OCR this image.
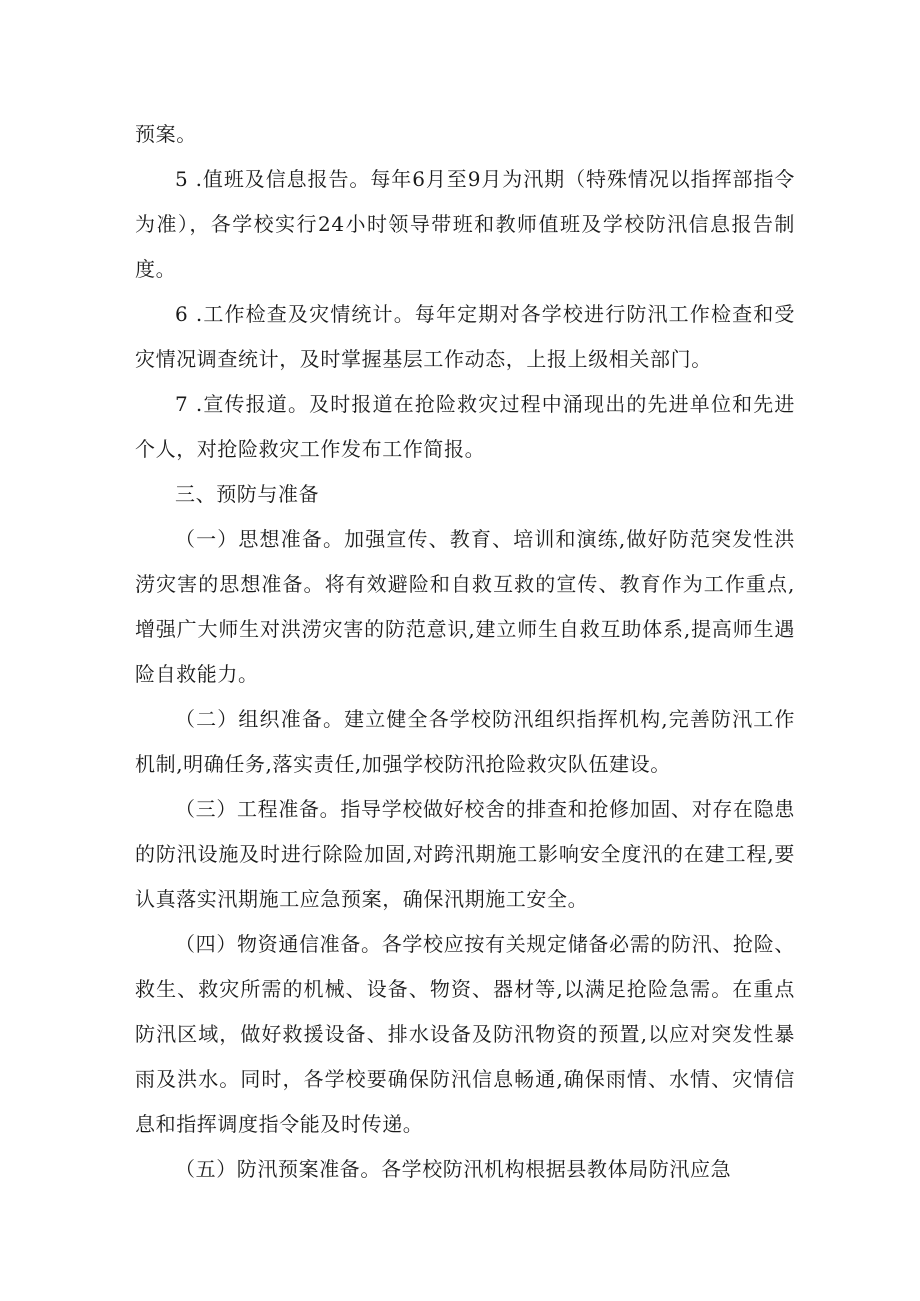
预案。

5 .值班及信息报告。每年6月至9月为汛期（特殊情况以指挥部指令为准），各学校实行24小时领导带班和教师值班及学校防汛信息报告制度。

6 .工作检查及灾情统计。每年定期对各学校进行防汛工作检查和受灾情况调查统计，及时掌握基层工作动态，上报上级相关部门。

7 .宣传报道。及时报道在抢险救灾过程中涌现出的先进单位和先进个人，对抢险救灾工作发布工作简报。

三、预防与准备

（一）思想准备。加强宣传、教育、培训和演练,做好防范突发性洪涝灾害的思想准备。将有效避险和自救互救的宣传、教育作为工作重点,增强广大师生对洪涝灾害的防范意识,建立师生自救互助体系,提高师生遇险自救能力。

（二）组织准备。建立健全各学校防汛组织指挥机构,完善防汛工作机制,明确任务,落实责任,加强学校防汛抢险救灾队伍建设。

（三）工程准备。指导学校做好校舍的排查和抢修加固、对存在隐患的防汛设施及时进行除险加固,对跨汛期施工影响安全度汛的在建工程,要认真落实汛期施工应急预案，确保汛期施工安全。

（四）物资通信准备。各学校应按有关规定储备必需的防汛、抢险、救生、救灾所需的机械、设备、物资、器材等,以满足抢险急需。在重点防汛区域，做好救援设备、排水设备及防汛物资的预置,以应对突发性暴雨及洪水。同时，各学校要确保防汛信息畅通,确保雨情、水情、灾情信息和指挥调度指令能及时传递。

（五）防汛预案准备。各学校防汛机构根据县教体局防汛应急
